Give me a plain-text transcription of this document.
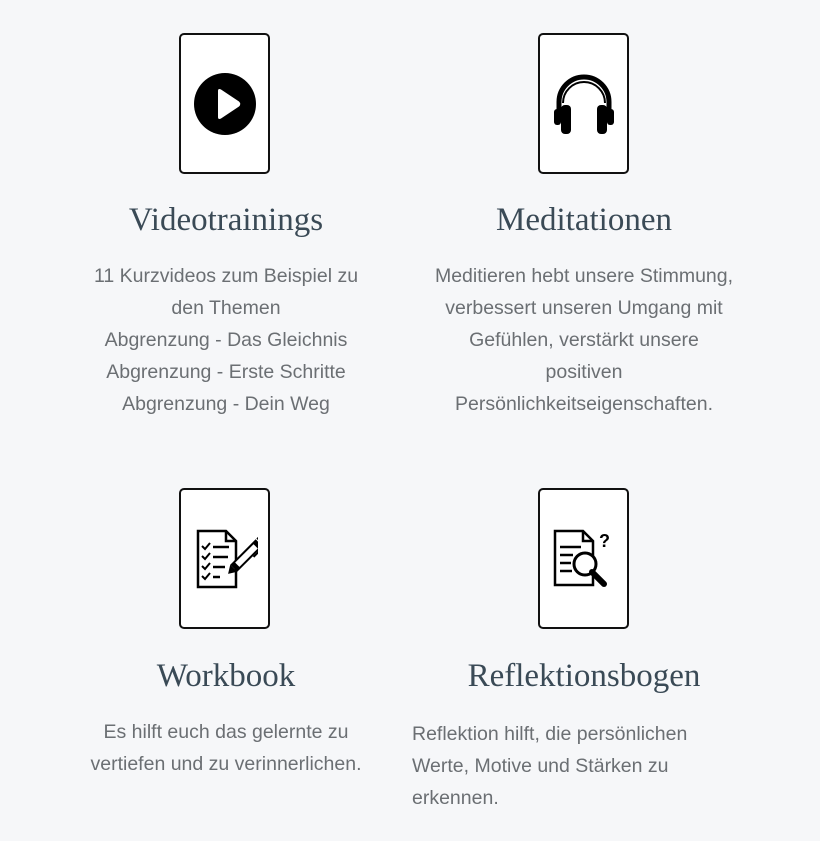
Videotrainings
11 Kurzvideos zum Beispiel zu
den Themen
Abgrenzung - Das Gleichnis
Abgrenzung - Erste Schritte
Abgrenzung - Dein Weg
Meditationen
Meditieren hebt unsere Stimmung,
verbessert unseren Umgang mit
Gefühlen, verstärkt unsere
positiven
Persönlichkeitseigenschaften.
Workbook
Es hilft euch das gelernte zu
vertiefen und zu verinnerlichen.
?
Reflektionsbogen
Reflektion hilft, die persönlichen
Werte, Motive und Stärken zu
erkennen.
